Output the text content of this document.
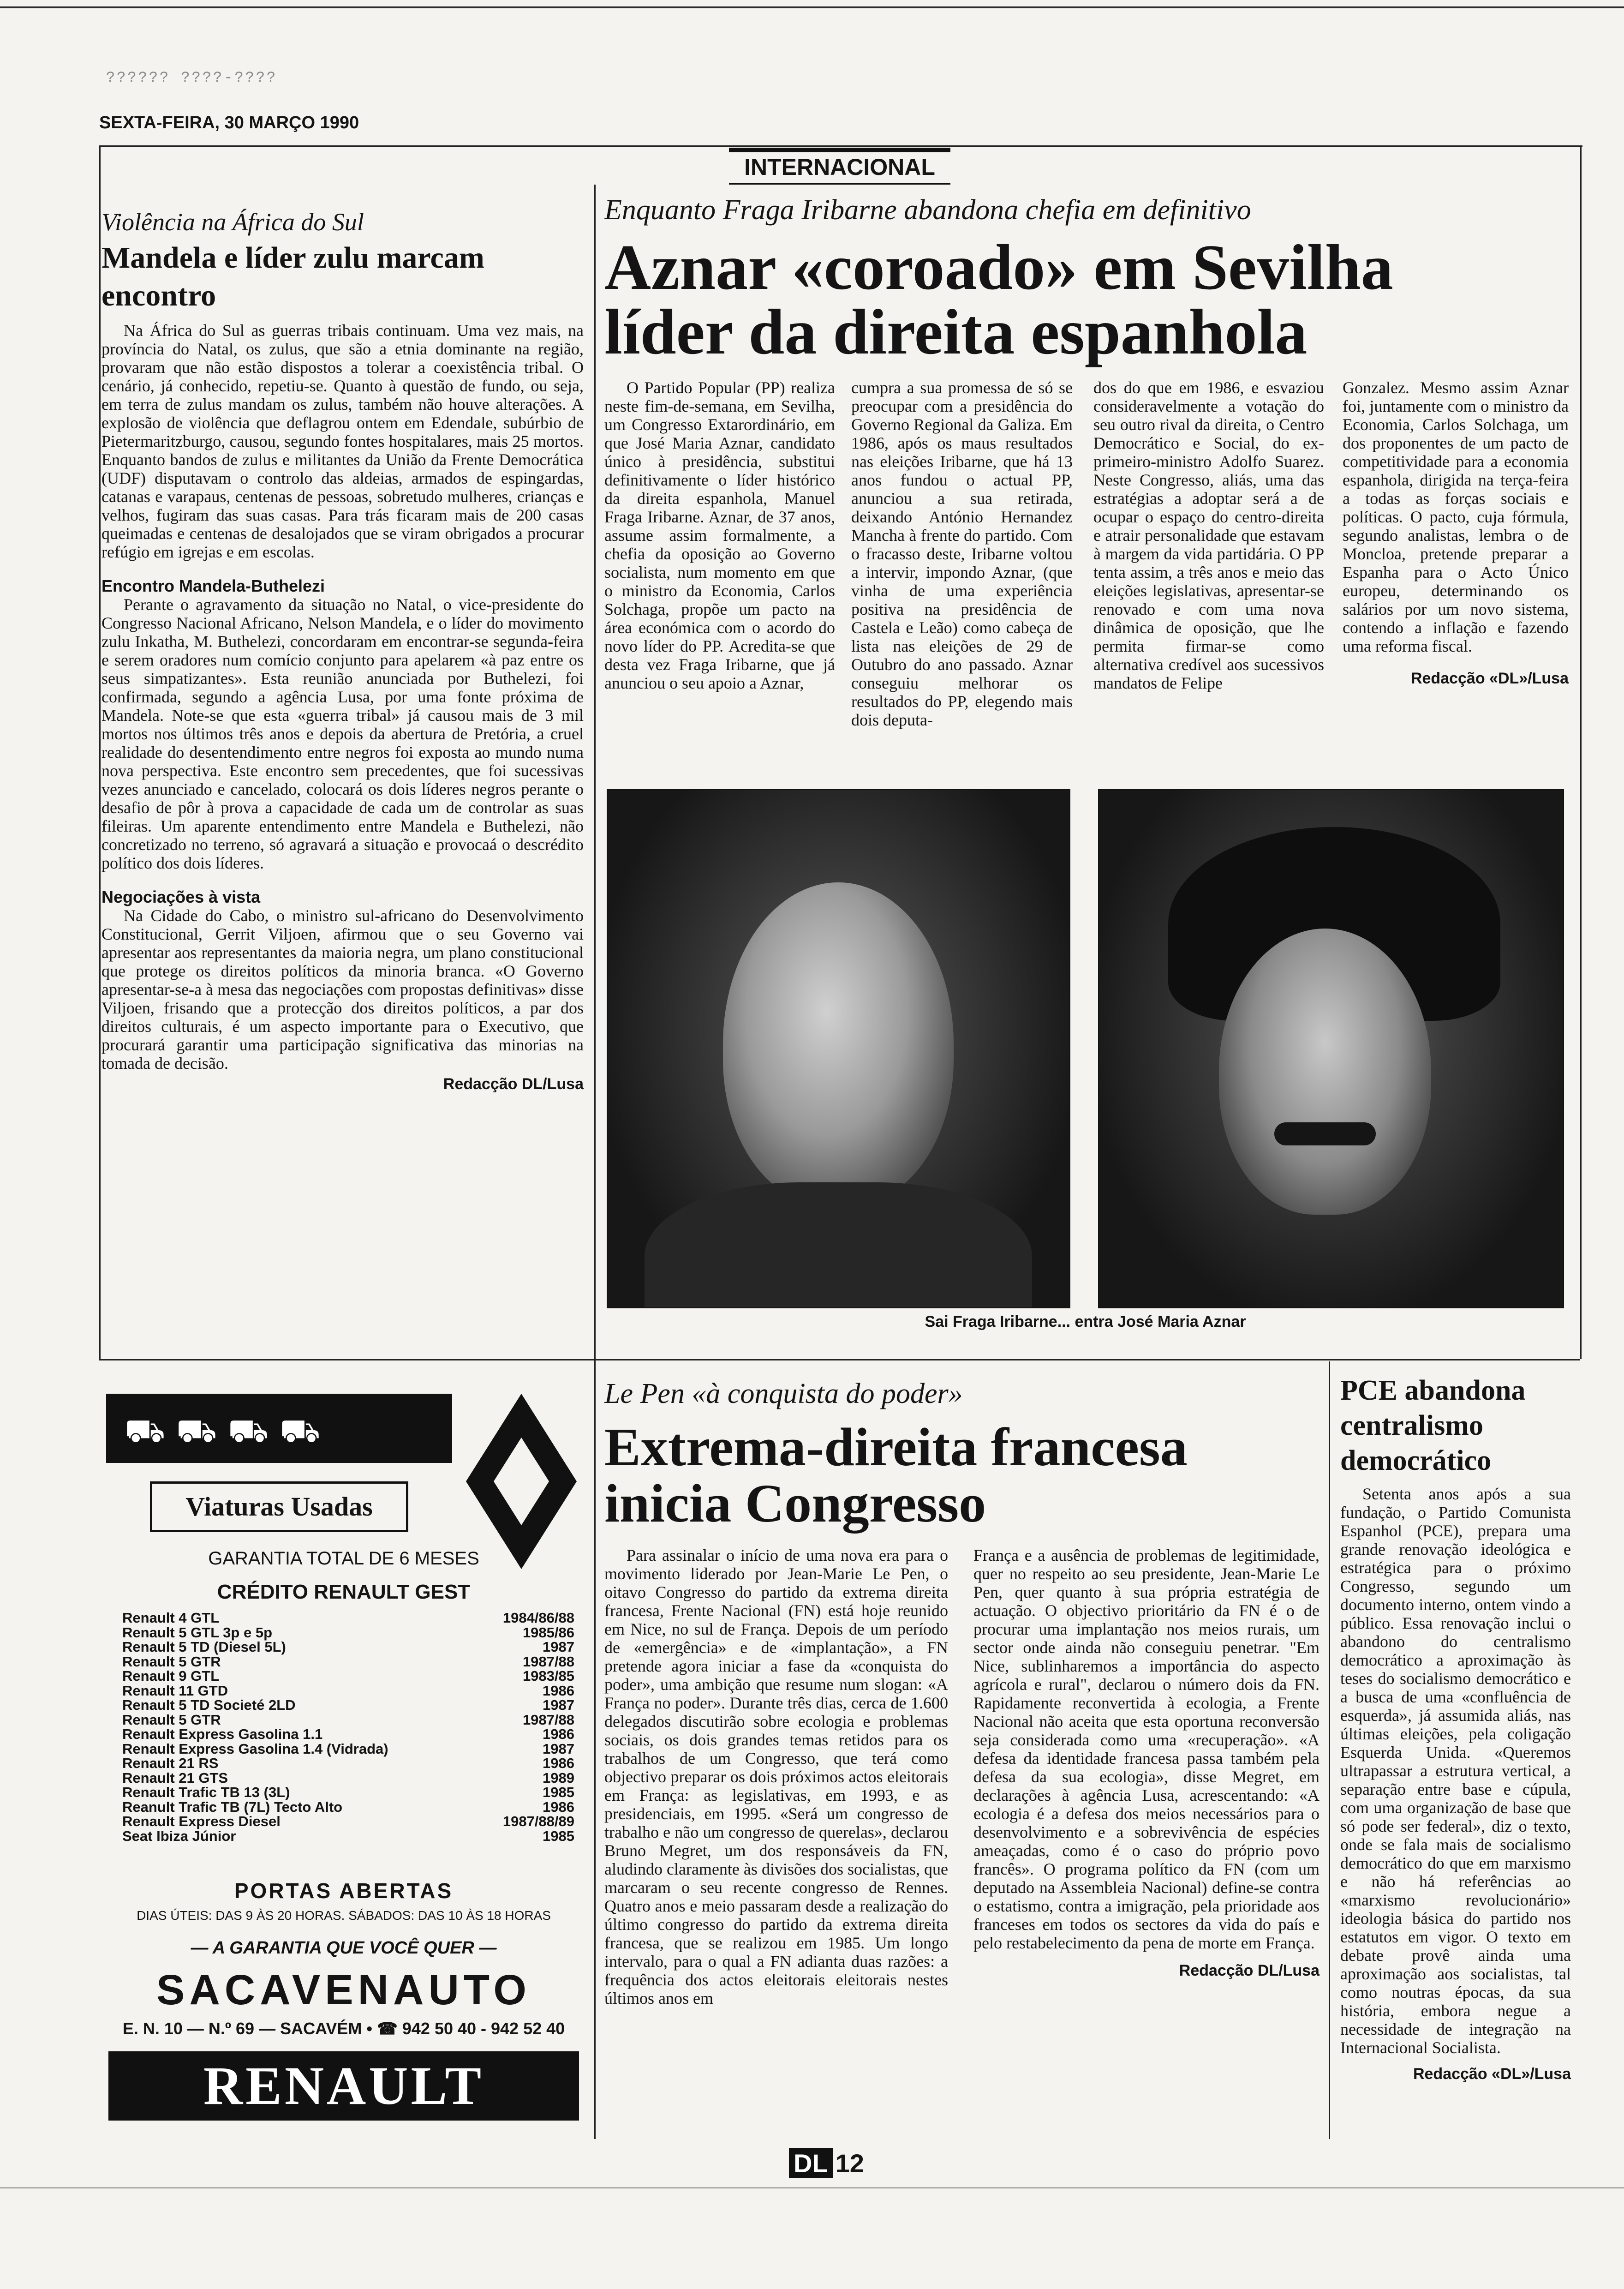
?????? ????-????
SEXTA-FEIRA, 30 MARÇO 1990
INTERNACIONAL
Violência na África do Sul
Mandela e líder zulu marcam encontro

Na África do Sul as guerras tribais continuam. Uma vez mais, na província do Natal, os zulus, que são a etnia dominante na região, provaram que não estão dispostos a tolerar a coexistência tribal. O cenário, já conhecido, repetiu-se. Quanto à questão de fundo, ou seja, em terra de zulus mandam os zulus, também não houve alterações. A explosão de violência que deflagrou ontem em Edendale, subúrbio de Pietermaritzburgo, causou, segundo fontes hospitalares, mais 25 mortos. Enquanto bandos de zulus e militantes da União da Frente Democrática (UDF) disputavam o controlo das aldeias, armados de espingardas, catanas e varapaus, centenas de pessoas, sobretudo mulheres, crianças e velhos, fugiram das suas casas. Para trás ficaram mais de 200 casas queimadas e centenas de desalojados que se viram obrigados a procurar refúgio em igrejas e em escolas.

Encontro Mandela-Buthelezi

Perante o agravamento da situação no Natal, o vice-presidente do Congresso Nacional Africano, Nelson Mandela, e o líder do movimento zulu Inkatha, M. Buthelezi, concordaram em encontrar-se segunda-feira e serem oradores num comício conjunto para apelarem «à paz entre os seus simpatizantes». Esta reunião anunciada por Buthelezi, foi confirmada, segundo a agência Lusa, por uma fonte próxima de Mandela. Note-se que esta «guerra tribal» já causou mais de 3 mil mortos nos últimos três anos e depois da abertura de Pretória, a cruel realidade do desentendimento entre negros foi exposta ao mundo numa nova perspectiva. Este encontro sem precedentes, que foi sucessivas vezes anunciado e cancelado, colocará os dois líderes negros perante o desafio de pôr à prova a capacidade de cada um de controlar as suas fileiras. Um aparente entendimento entre Mandela e Buthelezi, não concretizado no terreno, só agravará a situação e provocaá o descrédito político dos dois líderes.

Negociações à vista

Na Cidade do Cabo, o ministro sul-africano do Desenvolvimento Constitucional, Gerrit Viljoen, afirmou que o seu Governo vai apresentar aos representantes da maioria negra, um plano constitucional que protege os direitos políticos da minoria branca. «O Governo apresentar-se-a à mesa das negociações com propostas definitivas» disse Viljoen, frisando que a protecção dos direitos políticos, a par dos direitos culturais, é um aspecto importante para o Executivo, que procurará garantir uma participação significativa das minorias na tomada de decisão.

Redacção DL/Lusa
Enquanto Fraga Iribarne abandona chefia em definitivo
Aznar «coroado» em Sevilha
líder da direita espanhola

O Partido Popular (PP) realiza neste fim-de-semana, em Sevilha, um Congresso Extarordinário, em que José Maria Aznar, candidato único à presidência, substitui definitivamente o líder histórico da direita espanhola, Manuel Fraga Iribarne. Aznar, de 37 anos, assume assim formalmente, a chefia da oposição ao Governo socialista, num momento em que o ministro da Economia, Carlos Solchaga, propõe um pacto na área económica com o acordo do novo líder do PP. Acredita-se que desta vez Fraga Iribarne, que já anunciou o seu apoio a Aznar,

cumpra a sua promessa de só se preocupar com a presidência do Governo Regional da Galiza. Em 1986, após os maus resultados nas eleições Iribarne, que há 13 anos fundou o actual PP, anunciou a sua retirada, deixando António Hernandez Mancha à frente do partido. Com o fracasso deste, Iribarne voltou a intervir, impondo Aznar, (que vinha de uma experiência positiva na presidência de Castela e Leão) como cabeça de lista nas eleições de 29 de Outubro do ano passado. Aznar conseguiu melhorar os resultados do PP, elegendo mais dois deputa-

dos do que em 1986, e esvaziou consideravelmente a votação do seu outro rival da direita, o Centro Democrático e Social, do ex-primeiro-ministro Adolfo Suarez. Neste Congresso, aliás, uma das estratégias a adoptar será a de ocupar o espaço do centro-direita e atrair personalidade que estavam à margem da vida partidária. O PP tenta assim, a três anos e meio das eleições legislativas, apresentar-se renovado e com uma nova dinâmica de oposição, que lhe permita firmar-se como alternativa credível aos sucessivos mandatos de Felipe

Gonzalez. Mesmo assim Aznar foi, juntamente com o ministro da Economia, Carlos Solchaga, um dos proponentes de um pacto de competitividade para a economia espanhola, dirigida na terça-feira a todas as forças sociais e políticas. O pacto, cuja fórmula, segundo analistas, lembra o de Moncloa, pretende preparar a Espanha para o Acto Único europeu, determinando os salários por um novo sistema, contendo a inflação e fazendo uma reforma fiscal.

Redacção «DL»/Lusa
Sai Fraga Iribarne... entra José Maria Aznar
⛟⛟⛟⛟
Viaturas Usadas
GARANTIA TOTAL DE 6 MESES
CRÉDITO RENAULT GEST
Renault 4 GTL	1984/86/88
Renault 5 GTL 3p e 5p	1985/86
Renault 5 TD (Diesel 5L)	1987
Renault 5 GTR	1987/88
Renault 9 GTL	1983/85
Renault 11 GTD	1986
Renault 5 TD Societé 2LD	1987
Renault 5 GTR	1987/88
Renault Express Gasolina 1.1	1986
Renault Express Gasolina 1.4 (Vidrada)	1987
Renault 21 RS	1986
Renault 21 GTS	1989
Renault Trafic TB 13 (3L)	1985
Reanult Trafic TB (7L) Tecto Alto	1986
Renault Express Diesel	1987/88/89
Seat Ibiza Júnior	1985
PORTAS ABERTAS
DIAS ÚTEIS: DAS 9 ÀS 20 HORAS. SÁBADOS: DAS 10 ÀS 18 HORAS
— A GARANTIA QUE VOCÊ QUER —
SACAVENAUTO
E. N. 10 — N.º 69 — SACAVÉM • ☎ 942 50 40 - 942 52 40
RENAULT
Le Pen «à conquista do poder»
Extrema-direita francesa
inicia Congresso

Para assinalar o início de uma nova era para o movimento liderado por Jean-Marie Le Pen, o oitavo Congresso do partido da extrema direita francesa, Frente Nacional (FN) está hoje reunido em Nice, no sul de França. Depois de um período de «emergência» e de «implantação», a FN pretende agora iniciar a fase da «conquista do poder», uma ambição que resume num slogan: «A França no poder». Durante três dias, cerca de 1.600 delegados discutirão sobre ecologia e problemas sociais, os dois grandes temas retidos para os trabalhos de um Congresso, que terá como objectivo preparar os dois próximos actos eleitorais em França: as legislativas, em 1993, e as presidenciais, em 1995. «Será um congresso de trabalho e não um congresso de querelas», declarou Bruno Megret, um dos responsáveis da FN, aludindo claramente às divisões dos socialistas, que marcaram o seu recente congresso de Rennes. Quatro anos e meio passaram desde a realização do último congresso do partido da extrema direita francesa, que se realizou em 1985. Um longo intervalo, para o qual a FN adianta duas razões: a frequência dos actos eleitorais eleitorais nestes últimos anos em

França e a ausência de problemas de legitimidade, quer no respeito ao seu presidente, Jean-Marie Le Pen, quer quanto à sua própria estratégia de actuação. O objectivo prioritário da FN é o de procurar uma implantação nos meios rurais, um sector onde ainda não conseguiu penetrar. "Em Nice, sublinharemos a importância do aspecto agrícola e rural", declarou o número dois da FN. Rapidamente reconvertida à ecologia, a Frente Nacional não aceita que esta oportuna reconversão seja considerada como uma «recuperação». «A defesa da identidade francesa passa também pela defesa da sua ecologia», disse Megret, em declarações à agência Lusa, acrescentando: «A ecologia é a defesa dos meios necessários para o desenvolvimento e a sobrevivência de espécies ameaçadas, como é o caso do próprio povo francês». O programa político da FN (com um deputado na Assembleia Nacional) define-se contra o estatismo, contra a imigração, pela prioridade aos franceses em todos os sectores da vida do país e pelo restabelecimento da pena de morte em França.

Redacção DL/Lusa
PCE abandona centralismo democrático

Setenta anos após a sua fundação, o Partido Comunista Espanhol (PCE), prepara uma grande renovação ideológica e estratégica para o próximo Congresso, segundo um documento interno, ontem vindo a público. Essa renovação inclui o abandono do centralismo democrático a aproximação às teses do socialismo democrático e a busca de uma «confluência de esquerda», já assumida aliás, nas últimas eleições, pela coligação Esquerda Unida. «Queremos ultrapassar a estrutura vertical, a separação entre base e cúpula, com uma organização de base que só pode ser federal», diz o texto, onde se fala mais de socialismo democrático do que em marxismo e não há referências ao «marxismo revolucionário» ideologia básica do partido nos estatutos em vigor. O texto em debate provê ainda uma aproximação aos socialistas, tal como noutras épocas, da sua história, embora negue a necessidade de integração na Internacional Socialista.

Redacção «DL»/Lusa
DL 12
